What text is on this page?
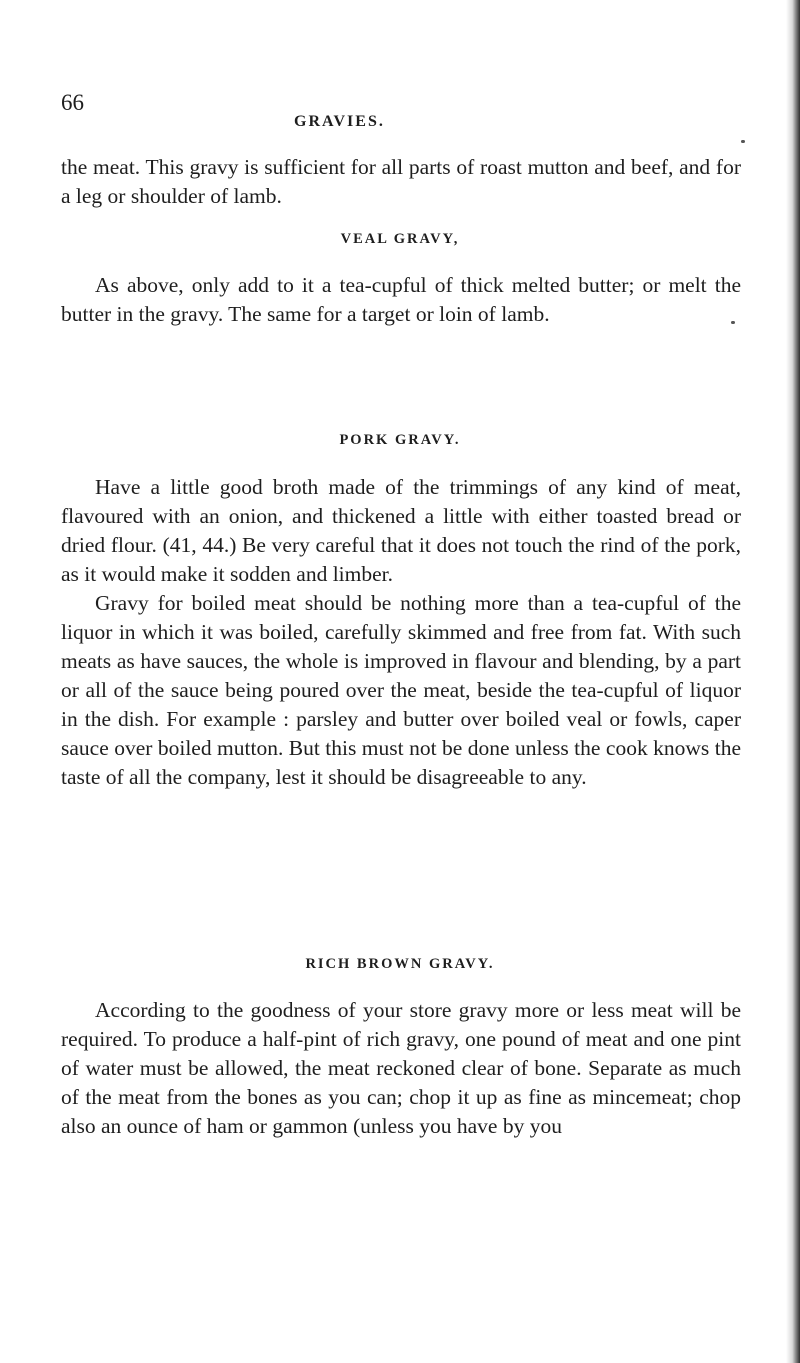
66
GRAVIES.

the meat. This gravy is sufficient for all parts of roast mutton and beef, and for a leg or shoulder of lamb.

VEAL GRAVY,

As above, only add to it a tea-cupful of thick melted butter; or melt the butter in the gravy. The same for a target or loin of lamb.

PORK GRAVY.

Have a little good broth made of the trimmings of any kind of meat, flavoured with an onion, and thickened a little with either toasted bread or dried flour. (41, 44.) Be very careful that it does not touch the rind of the pork, as it would make it sodden and limber.

Gravy for boiled meat should be nothing more than a tea-cupful of the liquor in which it was boiled, carefully skimmed and free from fat. With such meats as have sauces, the whole is improved in flavour and blending, by a part or all of the sauce being poured over the meat, beside the tea-cupful of liquor in the dish. For example : parsley and butter over boiled veal or fowls, caper sauce over boiled mutton. But this must not be done unless the cook knows the taste of all the company, lest it should be disagreeable to any.

RICH BROWN GRAVY.

According to the goodness of your store gravy more or less meat will be required. To produce a half-pint of rich gravy, one pound of meat and one pint of water must be allowed, the meat reckoned clear of bone. Separate as much of the meat from the bones as you can; chop it up as fine as mincemeat; chop also an ounce of ham or gammon (unless you have by you
